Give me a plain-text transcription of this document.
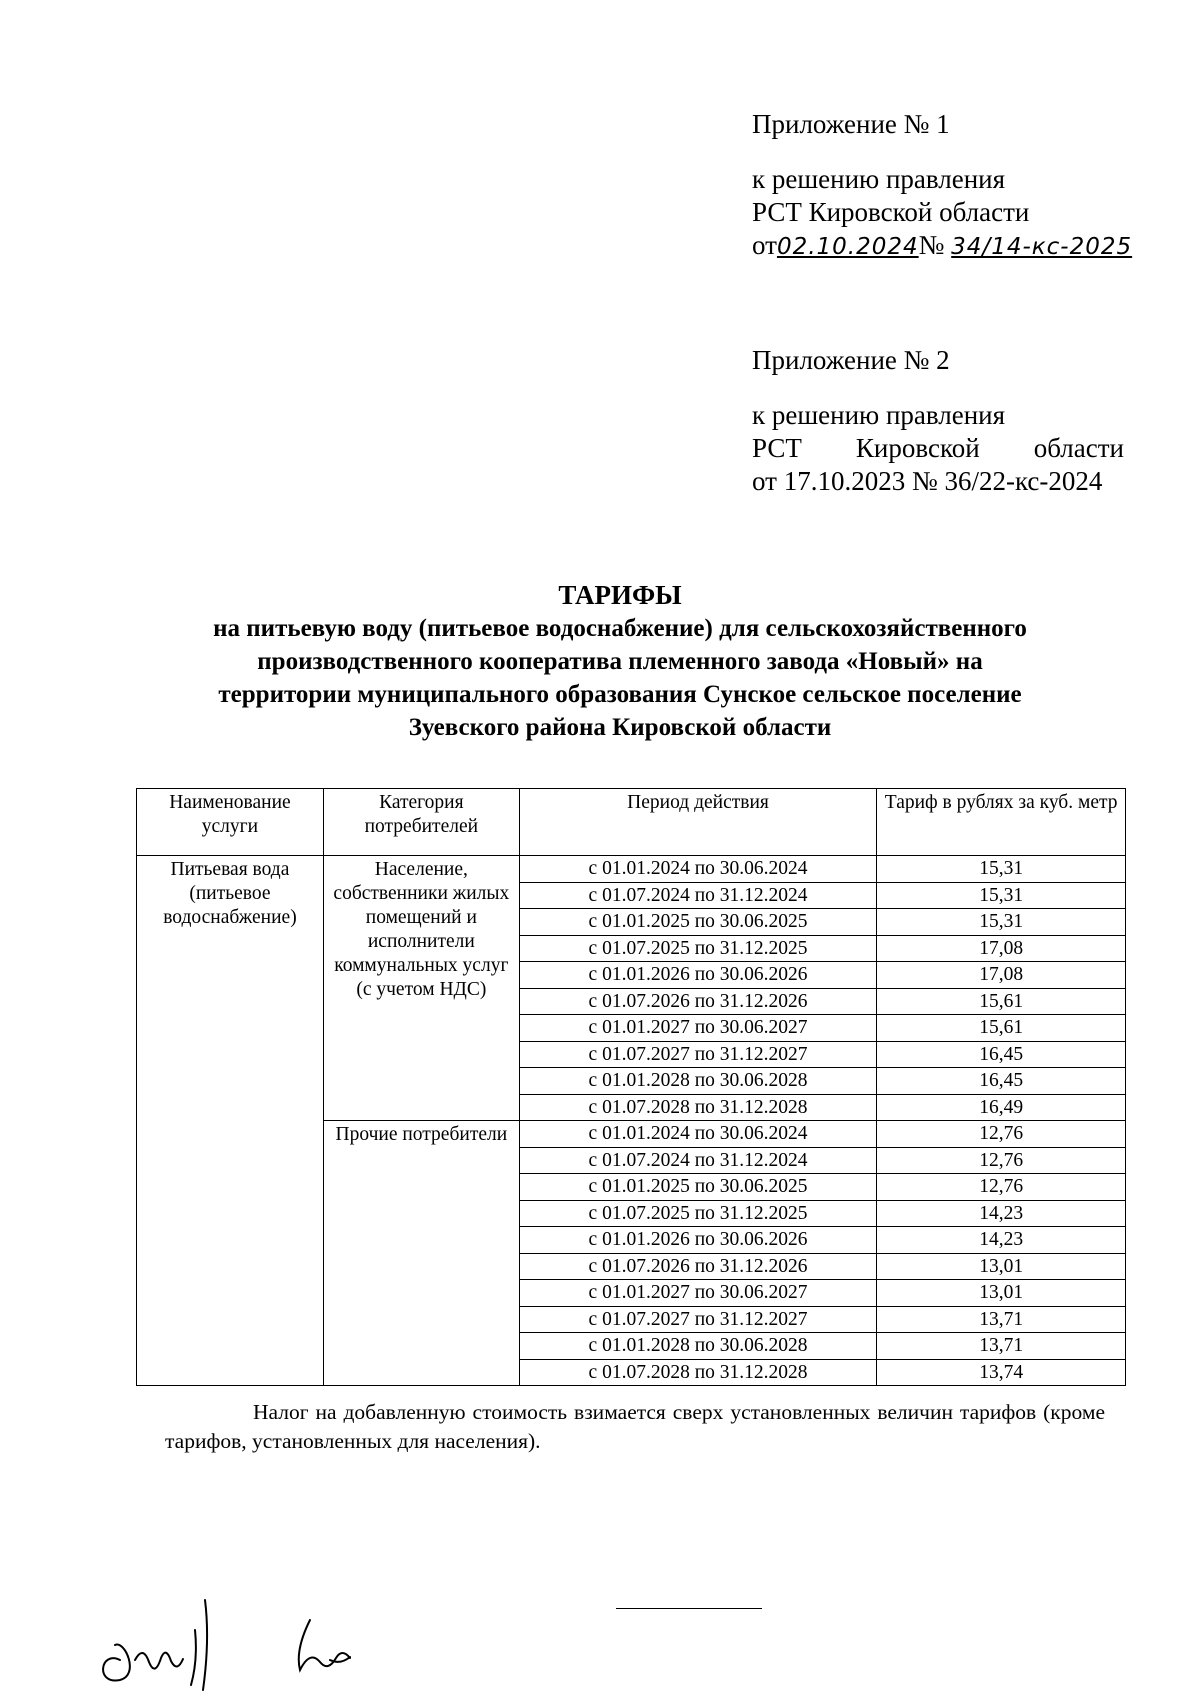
Приложение № 1

к решению правления

РСТ Кировской области

от02.10.2024№ 34/14-кс-2025

Приложение № 2

к решению правления

РСТ Кировской области

от 17.10.2023 № 36/22-кс-2024

ТАРИФЫ

на питьевую воду (питьевое водоснабжение) для сельскохозяйственного

производственного кооператива племенного завода «Новый» на

территории муниципального образования Сунское сельское поселение

Зуевского района Кировской области

Наименование услуги	Категория потребителей	Период действия	Тариф в рублях за куб. метр
Питьевая вода (питьевое водоснабжение)	Население, собственники жилых помещений и исполнители коммунальных услуг (с учетом НДС)	с 01.01.2024 по 30.06.2024	15,31
		с 01.07.2024 по 31.12.2024	15,31
		с 01.01.2025 по 30.06.2025	15,31
		с 01.07.2025 по 31.12.2025	17,08
		с 01.01.2026 по 30.06.2026	17,08
		с 01.07.2026 по 31.12.2026	15,61
		с 01.01.2027 по 30.06.2027	15,61
		с 01.07.2027 по 31.12.2027	16,45
		с 01.01.2028 по 30.06.2028	16,45
		с 01.07.2028 по 31.12.2028	16,49
	Прочие потребители	с 01.01.2024 по 30.06.2024	12,76
		с 01.07.2024 по 31.12.2024	12,76
		с 01.01.2025 по 30.06.2025	12,76
		с 01.07.2025 по 31.12.2025	14,23
		с 01.01.2026 по 30.06.2026	14,23
		с 01.07.2026 по 31.12.2026	13,01
		с 01.01.2027 по 30.06.2027	13,01
		с 01.07.2027 по 31.12.2027	13,71
		с 01.01.2028 по 30.06.2028	13,71
		с 01.07.2028 по 31.12.2028	13,74

Налог на добавленную стоимость взимается сверх установленных величин тарифов (кроме тарифов, установленных для населения).
